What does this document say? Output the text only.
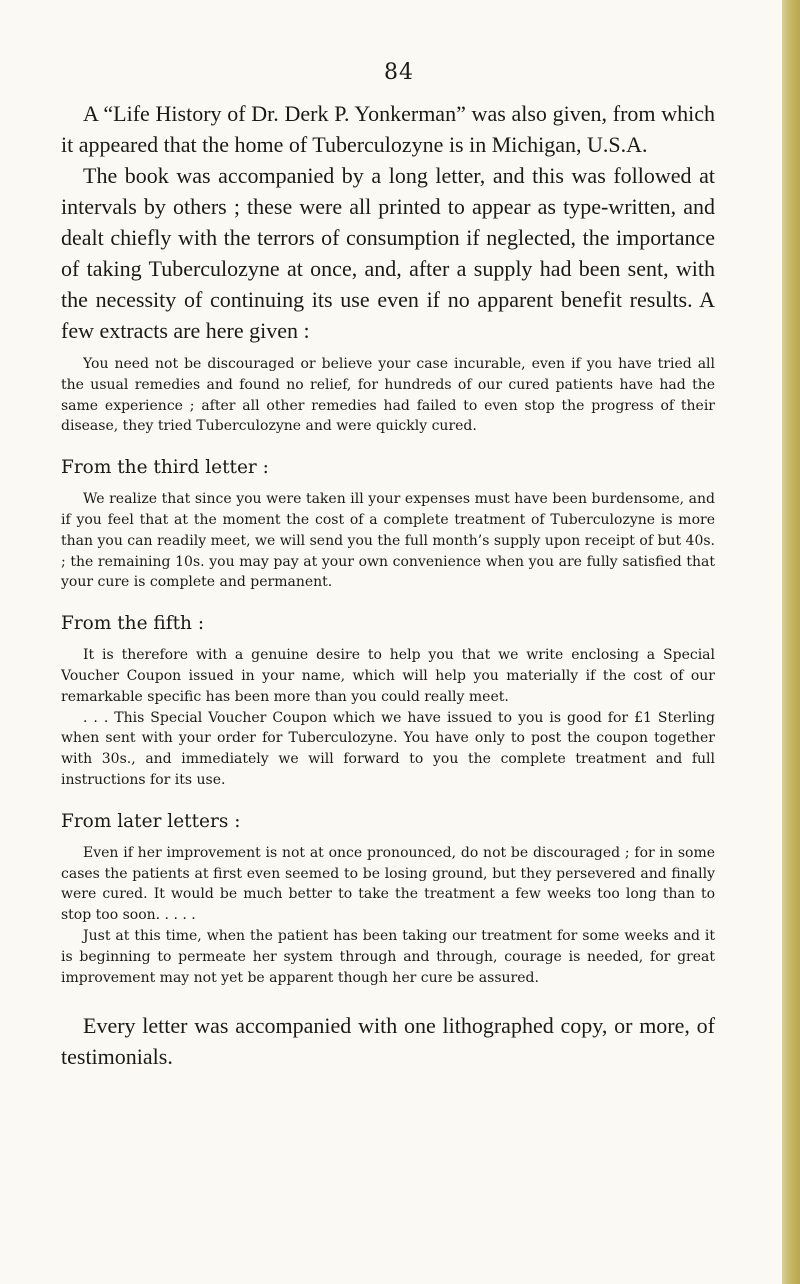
84

A “Life History of Dr. Derk P. Yonkerman” was also given, from which it appeared that the home of Tuberculozyne is in Michigan, U.S.A.

The book was accompanied by a long letter, and this was followed at intervals by others ; these were all printed to appear as type-written, and dealt chiefly with the terrors of consumption if neglected, the importance of taking Tuberculozyne at once, and, after a supply had been sent, with the necessity of continuing its use even if no apparent benefit results. A few extracts are here given :

You need not be discouraged or believe your case incurable, even if you have tried all the usual remedies and found no relief, for hundreds of our cured patients have had the same experience ; after all other remedies had failed to even stop the progress of their disease, they tried Tuberculozyne and were quickly cured.

From the third letter :

We realize that since you were taken ill your expenses must have been burdensome, and if you feel that at the moment the cost of a complete treatment of Tuberculozyne is more than you can readily meet, we will send you the full month’s supply upon receipt of but 40s. ; the remaining 10s. you may pay at your own convenience when you are fully satisfied that your cure is complete and permanent.

From the fifth :

It is therefore with a genuine desire to help you that we write enclosing a Special Voucher Coupon issued in your name, which will help you materially if the cost of our remarkable specific has been more than you could really meet.

. . . This Special Voucher Coupon which we have issued to you is good for £1 Sterling when sent with your order for Tuberculozyne. You have only to post the coupon together with 30s., and immediately we will forward to you the complete treatment and full instructions for its use.

From later letters :

Even if her improvement is not at once pronounced, do not be discouraged ; for in some cases the patients at first even seemed to be losing ground, but they persevered and finally were cured. It would be much better to take the treatment a few weeks too long than to stop too soon. . . . .

Just at this time, when the patient has been taking our treatment for some weeks and it is beginning to permeate her system through and through, courage is needed, for great improvement may not yet be apparent though her cure be assured.

Every letter was accompanied with one lithographed copy, or more, of testimonials.
